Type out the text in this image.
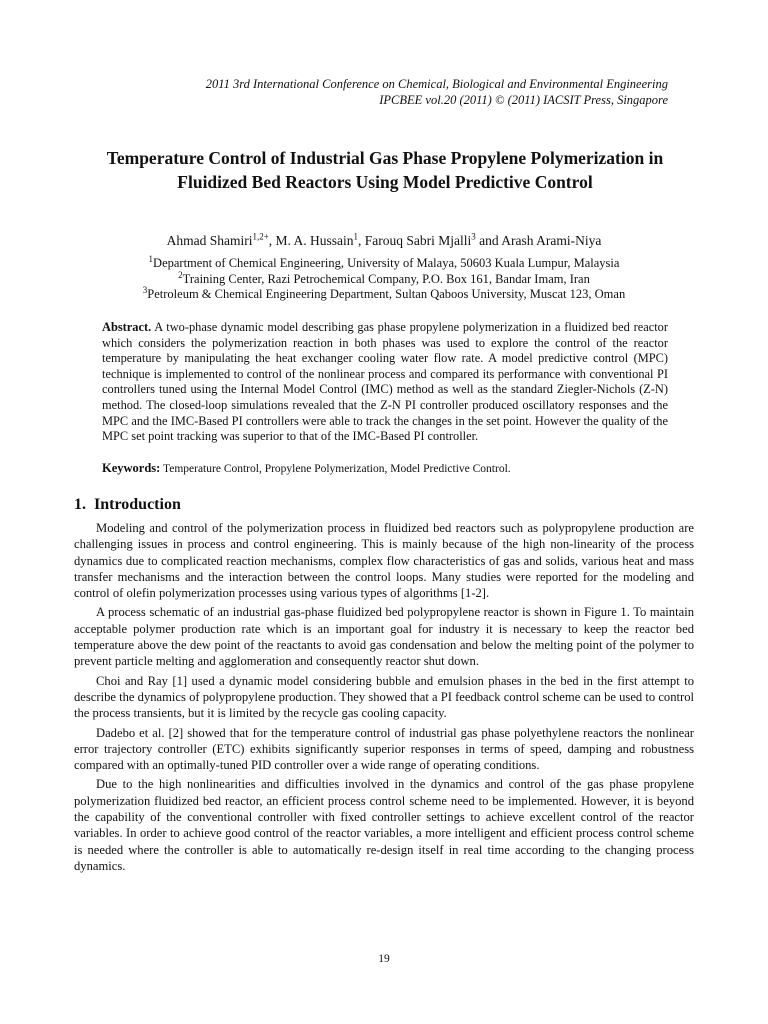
2011 3rd International Conference on Chemical, Biological and Environmental Engineering
IPCBEE vol.20 (2011) © (2011) IACSIT Press, Singapore
Temperature Control of Industrial Gas Phase Propylene Polymerization in Fluidized Bed Reactors Using Model Predictive Control
Ahmad Shamiri$^{1,2+}$, M. A. Hussain$^1$, Farouq Sabri Mjalli$^3$ and Arash Arami-Niya
$^1$Department of Chemical Engineering, University of Malaya, 50603 Kuala Lumpur, Malaysia
$^2$Training Center, Razi Petrochemical Company, P.O. Box 161, Bandar Imam, Iran
$^3$Petroleum & Chemical Engineering Department, Sultan Qaboos University, Muscat 123, Oman
Abstract. A two-phase dynamic model describing gas phase propylene polymerization in a fluidized bed reactor which considers the polymerization reaction in both phases was used to explore the control of the reactor temperature by manipulating the heat exchanger cooling water flow rate. A model predictive control (MPC) technique is implemented to control of the nonlinear process and compared its performance with conventional PI controllers tuned using the Internal Model Control (IMC) method as well as the standard Ziegler-Nichols (Z-N) method. The closed-loop simulations revealed that the Z-N PI controller produced oscillatory responses and the MPC and the IMC-Based PI controllers were able to track the changes in the set point. However the quality of the MPC set point tracking was superior to that of the IMC-Based PI controller.
Keywords: Temperature Control, Propylene Polymerization, Model Predictive Control.
1. Introduction

Modeling and control of the polymerization process in fluidized bed reactors such as polypropylene production are challenging issues in process and control engineering. This is mainly because of the high non-linearity of the process dynamics due to complicated reaction mechanisms, complex flow characteristics of gas and solids, various heat and mass transfer mechanisms and the interaction between the control loops. Many studies were reported for the modeling and control of olefin polymerization processes using various types of algorithms [1-2].

A process schematic of an industrial gas-phase fluidized bed polypropylene reactor is shown in Figure 1. To maintain acceptable polymer production rate which is an important goal for industry it is necessary to keep the reactor bed temperature above the dew point of the reactants to avoid gas condensation and below the melting point of the polymer to prevent particle melting and agglomeration and consequently reactor shut down.

Choi and Ray [1] used a dynamic model considering bubble and emulsion phases in the bed in the first attempt to describe the dynamics of polypropylene production. They showed that a PI feedback control scheme can be used to control the process transients, but it is limited by the recycle gas cooling capacity.

Dadebo et al. [2] showed that for the temperature control of industrial gas phase polyethylene reactors the nonlinear error trajectory controller (ETC) exhibits significantly superior responses in terms of speed, damping and robustness compared with an optimally-tuned PID controller over a wide range of operating conditions.

Due to the high nonlinearities and difficulties involved in the dynamics and control of the gas phase propylene polymerization fluidized bed reactor, an efficient process control scheme need to be implemented. However, it is beyond the capability of the conventional controller with fixed controller settings to achieve excellent control of the reactor variables. In order to achieve good control of the reactor variables, a more intelligent and efficient process control scheme is needed where the controller is able to automatically re-design itself in real time according to the changing process dynamics.

19
